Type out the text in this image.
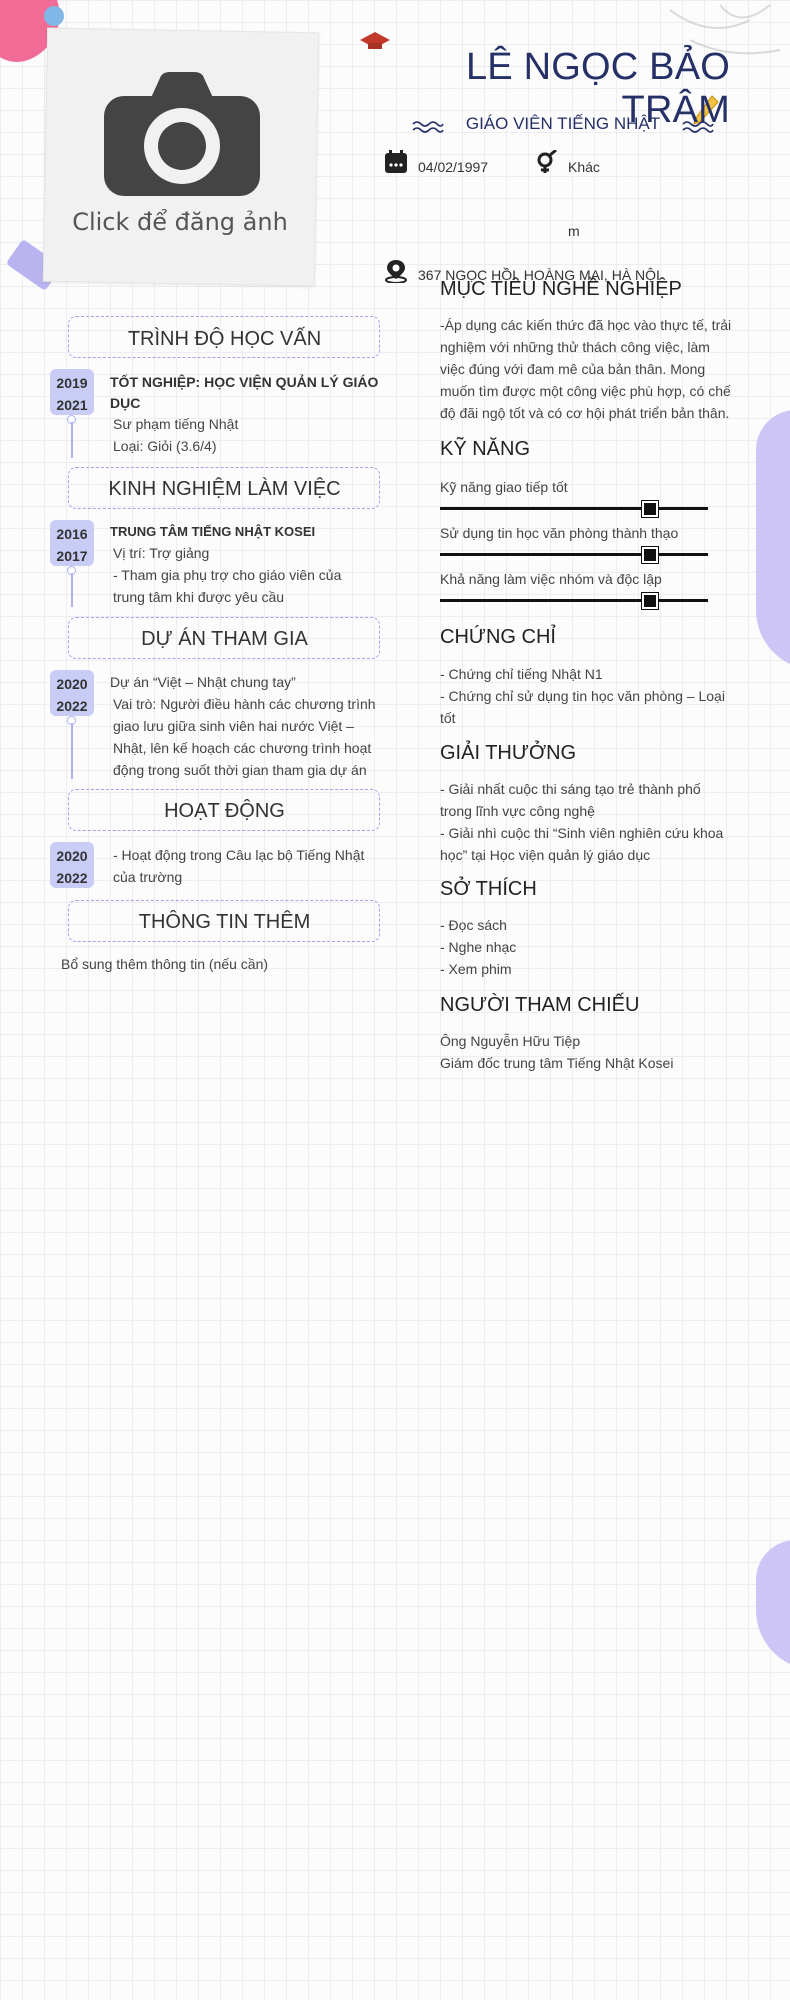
Click để đăng ảnh
LÊ NGỌC BẢO TRÂM
GIÁO VIÊN TIẾNG NHẬT
04/02/1997	Khác
m
367 NGỌC HỒI, HOÀNG MAI, HÀ NỘI
TRÌNH ĐỘ HỌC VẤN
2019
2021
TỐT NGHIỆP: HỌC VIỆN QUẢN LÝ GIÁO
DỤC
Sư phạm tiếng Nhật
Loại: Giỏi (3.6/4)
KINH NGHIỆM LÀM VIỆC
2016
2017
TRUNG TÂM TIẾNG NHẬT KOSEI
Vị trí: Trợ giảng
- Tham gia phụ trợ cho giáo viên của
trung tâm khi được yêu cầu
DỰ ÁN THAM GIA
2020
2022
Dự án “Việt – Nhật chung tay”
Vai trò: Người điều hành các chương trình
giao lưu giữa sinh viên hai nước Việt –
Nhật, lên kế hoạch các chương trình hoạt
động trong suốt thời gian tham gia dự án
HOẠT ĐỘNG
2020
2022
- Hoạt động trong Câu lạc bộ Tiếng Nhật
của trường
THÔNG TIN THÊM
Bổ sung thêm thông tin (nếu cần)
MỤC TIÊU NGHỀ NGHIỆP
-Áp dụng các kiến thức đã học vào thực tế, trải
nghiệm với những thử thách công việc, làm
việc đúng với đam mê của bản thân. Mong
muốn tìm được một công việc phù hợp, có chế
độ đãi ngộ tốt và có cơ hội phát triển bản thân.
KỸ NĂNG
Kỹ năng giao tiếp tốt
Sử dụng tin học văn phòng thành thạo
Khả năng làm việc nhóm và độc lập
CHỨNG CHỈ
- Chứng chỉ tiếng Nhật N1
- Chứng chỉ sử dụng tin học văn phòng – Loại
tốt
GIẢI THƯỞNG
- Giải nhất cuộc thi sáng tạo trẻ thành phố
trong lĩnh vực công nghệ
- Giải nhì cuộc thi “Sinh viên nghiên cứu khoa
học” tại Học viện quản lý giáo dục
SỞ THÍCH
- Đọc sách
- Nghe nhạc
- Xem phim
NGƯỜI THAM CHIẾU
Ông Nguyễn Hữu Tiệp
Giám đốc trung tâm Tiếng Nhật Kosei
